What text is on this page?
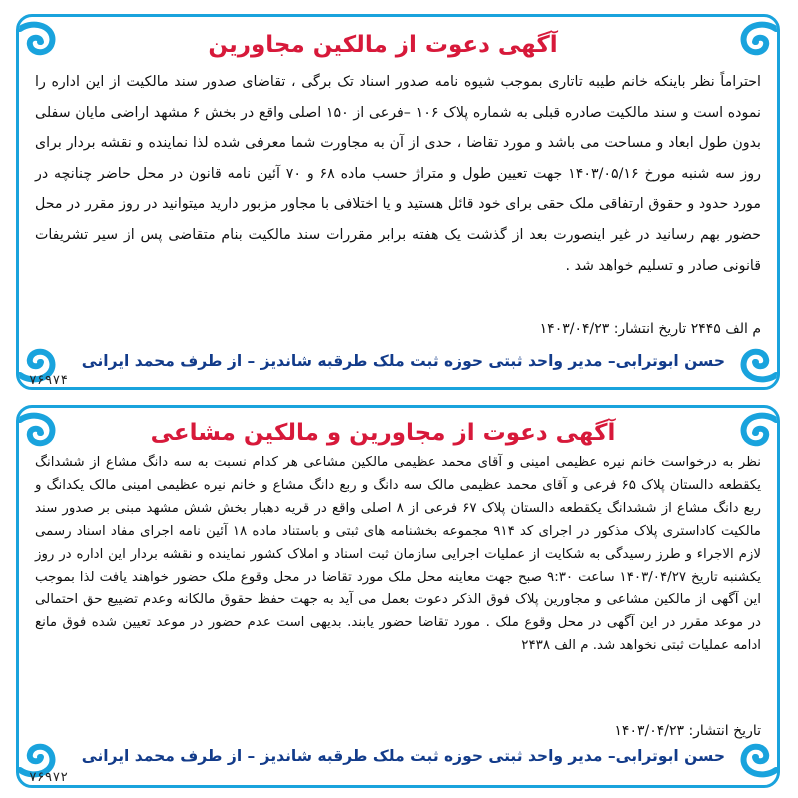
آگهی دعوت از مالکین مجاورین
احتراماً نظر باینکه خانم طیبه تاتاری بموجب شیوه نامه صدور اسناد تک برگی ، تقاضای صدور سند مالکیت از این اداره را نموده است و سند مالکیت صادره قبلی به شماره پلاک ۱۰۶ –فرعی از ۱۵۰ اصلی واقع در بخش ۶ مشهد اراضی مایان سفلی بدون طول ابعاد و مساحت می باشد و مورد تقاضا ، حدی از آن به مجاورت شما معرفی شده لذا نماینده و نقشه بردار برای روز سه شنبه مورخ ۱۴۰۳/۰۵/۱۶ جهت تعیین طول و متراژ حسب ماده ۶۸ و ۷۰ آئین نامه قانون در محل حاضر چنانچه در مورد حدود و حقوق ارتفاقی ملک حقی برای خود قائل هستید و یا اختلافی با مجاور مزبور دارید میتوانید در روز مقرر در محل حضور بهم رسانید در غیر اینصورت بعد از گذشت یک هفته برابر مقررات سند مالکیت بنام متقاضی پس از سیر تشریفات قانونی صادر و تسلیم خواهد شد .
م الف ۲۴۴۵ تاریخ انتشار: ۱۴۰۳/۰۴/۲۳
حسن ابوترابی– مدیر واحد ثبتی حوزه ثبت ملک طرقبه شاندیز – از طرف محمد ایرانی
۷۶۹۷۴
آگهی دعوت از مجاورین و مالکین مشاعی
نظر به درخواست خانم نیره عظیمی امینی و آقای محمد عظیمی مالکین مشاعی هر کدام نسبت به سه دانگ مشاع از ششدانگ یکقطعه دالستان پلاک ۶۵ فرعی و آقای محمد عظیمی مالک سه دانگ و ربع دانگ مشاع و خانم نیره عظیمی امینی مالک یکدانگ و ربع دانگ مشاع از ششدانگ یکقطعه دالستان پلاک ۶۷ فرعی از ۸ اصلی واقع در قریه دهبار بخش شش مشهد مبنی بر صدور سند مالکیت کاداستری پلاک مذکور در اجرای کد ۹۱۴ مجموعه بخشنامه های ثبتی و باستناد ماده ۱۸ آئین نامه اجرای مفاد اسناد رسمی لازم الاجراء و طرز رسیدگی به شکایت از عملیات اجرایی سازمان ثبت اسناد و املاک کشور نماینده و نقشه بردار این اداره در روز یکشنبه تاریخ ۱۴۰۳/۰۴/۲۷ ساعت ۹:۳۰ صبح جهت معاینه محل ملک مورد تقاضا در محل وقوع ملک حضور خواهند یافت لذا بموجب این آگهی از مالکین مشاعی و مجاورین پلاک فوق الذکر دعوت بعمل می آید به جهت حفظ حقوق مالکانه وعدم تضییع حق احتمالی در موعد مقرر در این آگهی در محل وقوع ملک . مورد تقاضا حضور یابند. بدیهی است عدم حضور در موعد تعیین شده فوق مانع ادامه عملیات ثبتی نخواهد شد. م الف ۲۴۳۸
تاریخ انتشار: ۱۴۰۳/۰۴/۲۳
حسن ابوترابی– مدیر واحد ثبتی حوزه ثبت ملک طرقبه شاندیز – از طرف محمد ایرانی
۷۶۹۷۲
